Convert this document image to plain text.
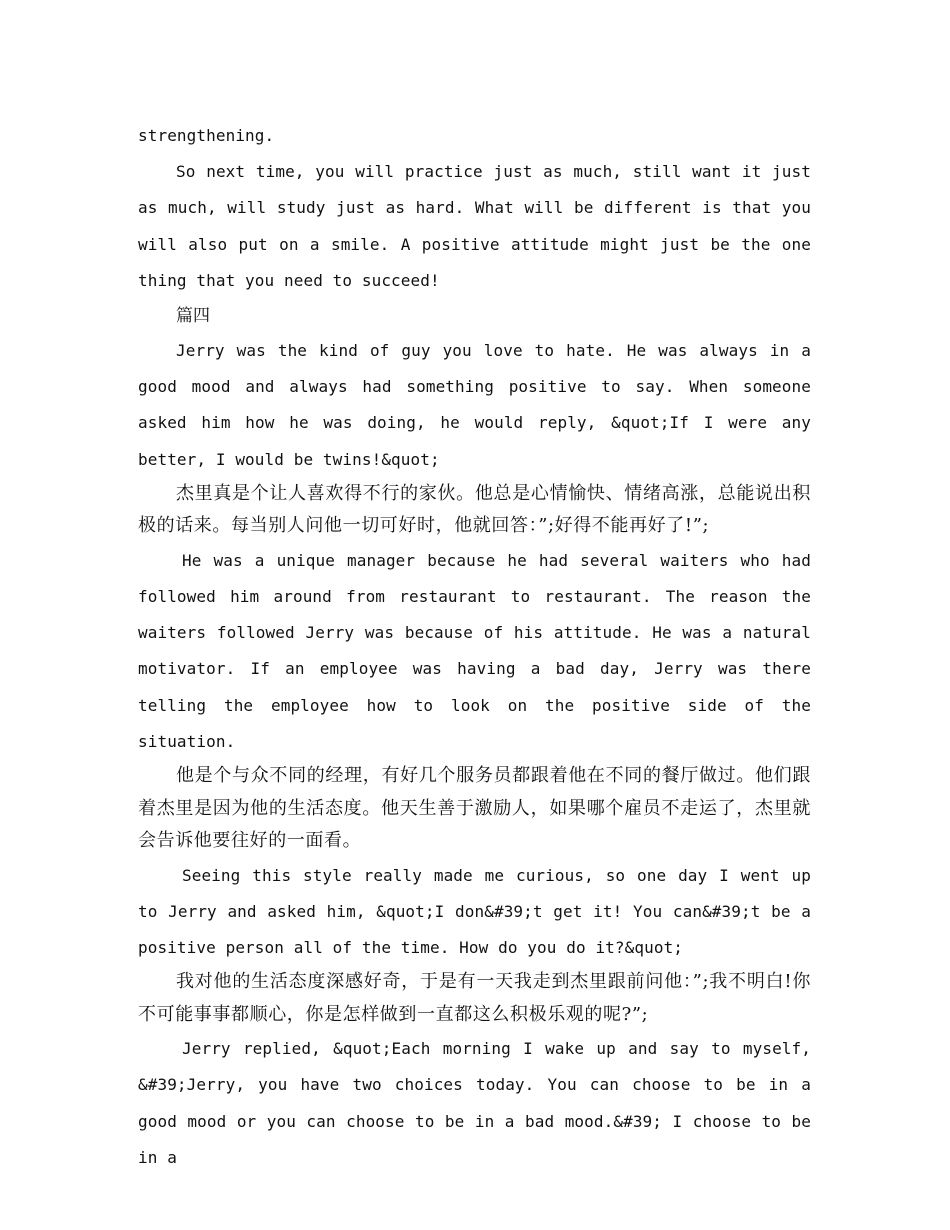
strengthening.

So next time, you will practice just as much, still want it just as much, will study just as hard. What will be different is that you will also put on a smile. A positive attitude might just be the one thing that you need to succeed!

篇四

Jerry was the kind of guy you love to hate. He was always in a good mood and always had something positive to say. When someone asked him how he was doing, he would reply, &quot;If I were any better, I would be twins!&quot;

杰里真是个让人喜欢得不行的家伙。他总是心情愉快、情绪高涨，总能说出积极的话来。每当别人问他一切可好时，他就回答：”;好得不能再好了!”;

He was a unique manager because he had several waiters who had followed him around from restaurant to restaurant. The reason the waiters followed Jerry was because of his attitude. He was a natural motivator. If an employee was having a bad day, Jerry was there telling the employee how to look on the positive side of the situation.

他是个与众不同的经理，有好几个服务员都跟着他在不同的餐厅做过。他们跟着杰里是因为他的生活态度。他天生善于激励人，如果哪个雇员不走运了，杰里就会告诉他要往好的一面看。

Seeing this style really made me curious, so one day I went up to Jerry and asked him, &quot;I don&#39;t get it! You can&#39;t be a positive person all of the time. How do you do it?&quot;

我对他的生活态度深感好奇，于是有一天我走到杰里跟前问他：”;我不明白!你不可能事事都顺心，你是怎样做到一直都这么积极乐观的呢?”;

Jerry replied, &quot;Each morning I wake up and say to myself, &#39;Jerry, you have two choices today. You can choose to be in a good mood or you can choose to be in a bad mood.&#39; I choose to be in a
